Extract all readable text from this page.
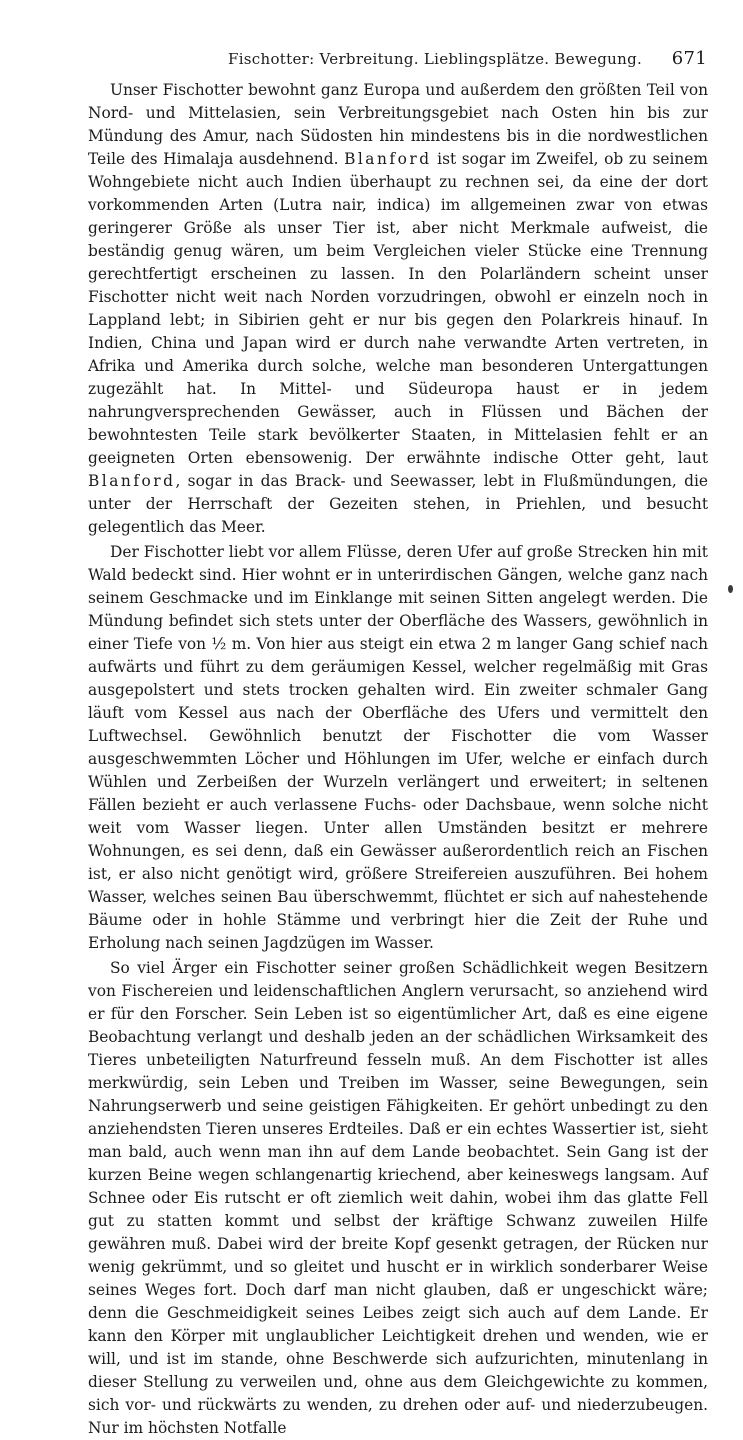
Fischotter: Verbreitung. Lieblingsplätze. Bewegung. 671

Unser Fischotter bewohnt ganz Europa und außerdem den größten Teil von Nord- und Mittelasien, sein Verbreitungsgebiet nach Osten hin bis zur Mündung des Amur, nach Südosten hin mindestens bis in die nordwestlichen Teile des Himalaja ausdehnend. Blanford ist sogar im Zweifel, ob zu seinem Wohngebiete nicht auch Indien überhaupt zu rechnen sei, da eine der dort vorkommenden Arten (Lutra nair, indica) im allgemeinen zwar von etwas geringerer Größe als unser Tier ist, aber nicht Merkmale aufweist, die beständig genug wären, um beim Vergleichen vieler Stücke eine Trennung gerechtfertigt erscheinen zu lassen. In den Polarländern scheint unser Fischotter nicht weit nach Norden vorzudringen, obwohl er einzeln noch in Lappland lebt; in Sibirien geht er nur bis gegen den Polarkreis hinauf. In Indien, China und Japan wird er durch nahe verwandte Arten vertreten, in Afrika und Amerika durch solche, welche man besonderen Untergattungen zugezählt hat. In Mittel- und Südeuropa haust er in jedem nahrungversprechenden Gewässer, auch in Flüssen und Bächen der bewohntesten Teile stark bevölkerter Staaten, in Mittelasien fehlt er an geeigneten Orten ebensowenig. Der erwähnte indische Otter geht, laut Blanford, sogar in das Brack- und Seewasser, lebt in Flußmündungen, die unter der Herrschaft der Gezeiten stehen, in Priehlen, und besucht gelegentlich das Meer.

Der Fischotter liebt vor allem Flüsse, deren Ufer auf große Strecken hin mit Wald bedeckt sind. Hier wohnt er in unterirdischen Gängen, welche ganz nach seinem Geschmacke und im Einklange mit seinen Sitten angelegt werden. Die Mündung befindet sich stets unter der Oberfläche des Wassers, gewöhnlich in einer Tiefe von ½ m. Von hier aus steigt ein etwa 2 m langer Gang schief nach aufwärts und führt zu dem geräumigen Kessel, welcher regelmäßig mit Gras ausgepolstert und stets trocken gehalten wird. Ein zweiter schmaler Gang läuft vom Kessel aus nach der Oberfläche des Ufers und vermittelt den Luftwechsel. Gewöhnlich benutzt der Fischotter die vom Wasser ausgeschwemmten Löcher und Höhlungen im Ufer, welche er einfach durch Wühlen und Zerbeißen der Wurzeln verlängert und erweitert; in seltenen Fällen bezieht er auch verlassene Fuchs- oder Dachsbaue, wenn solche nicht weit vom Wasser liegen. Unter allen Umständen besitzt er mehrere Wohnungen, es sei denn, daß ein Gewässer außerordentlich reich an Fischen ist, er also nicht genötigt wird, größere Streifereien auszuführen. Bei hohem Wasser, welches seinen Bau überschwemmt, flüchtet er sich auf nahestehende Bäume oder in hohle Stämme und verbringt hier die Zeit der Ruhe und Erholung nach seinen Jagdzügen im Wasser.

So viel Ärger ein Fischotter seiner großen Schädlichkeit wegen Besitzern von Fischereien und leidenschaftlichen Anglern verursacht, so anziehend wird er für den Forscher. Sein Leben ist so eigentümlicher Art, daß es eine eigene Beobachtung verlangt und deshalb jeden an der schädlichen Wirksamkeit des Tieres unbeteiligten Naturfreund fesseln muß. An dem Fischotter ist alles merkwürdig, sein Leben und Treiben im Wasser, seine Bewegungen, sein Nahrungserwerb und seine geistigen Fähigkeiten. Er gehört unbedingt zu den anziehendsten Tieren unseres Erdteiles. Daß er ein echtes Wassertier ist, sieht man bald, auch wenn man ihn auf dem Lande beobachtet. Sein Gang ist der kurzen Beine wegen schlangenartig kriechend, aber keineswegs langsam. Auf Schnee oder Eis rutscht er oft ziemlich weit dahin, wobei ihm das glatte Fell gut zu statten kommt und selbst der kräftige Schwanz zuweilen Hilfe gewähren muß. Dabei wird der breite Kopf gesenkt getragen, der Rücken nur wenig gekrümmt, und so gleitet und huscht er in wirklich sonderbarer Weise seines Weges fort. Doch darf man nicht glauben, daß er ungeschickt wäre; denn die Geschmeidigkeit seines Leibes zeigt sich auch auf dem Lande. Er kann den Körper mit unglaublicher Leichtigkeit drehen und wenden, wie er will, und ist im stande, ohne Beschwerde sich aufzurichten, minutenlang in dieser Stellung zu verweilen und, ohne aus dem Gleichgewichte zu kommen, sich vor- und rückwärts zu wenden, zu drehen oder auf- und niederzubeugen. Nur im höchsten Notfalle
